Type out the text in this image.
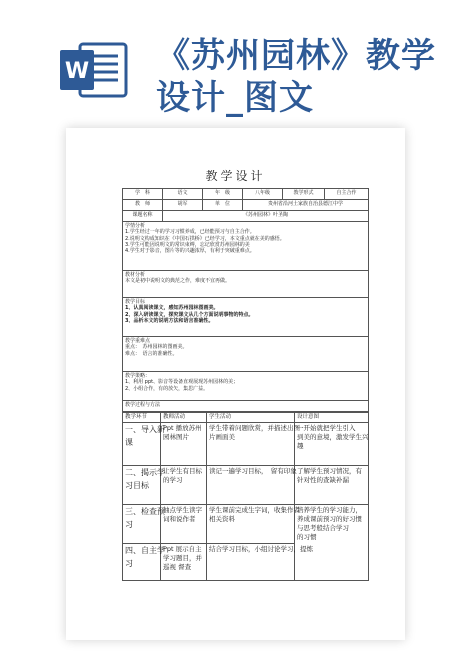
W 《苏州园林》教学
设计_图文
教学设计
学　科	语文	年　级	八年级	教学形式	自主合作
教　师	胡军	单　位	贵州省沿河土家族自治县德江中学		
课题名称	《苏州园林》叶圣陶				

学情分析
1.学生经过一年的学习习惯养成，已经能预习与自主合作。
2.说明文构成知识在《中国石拱桥》已经学习，本文重点就在美的感悟。
3.学生可能因说明文的常识束缚，忘记欣赏苏州园林的美
4.学生对于影音，图片等的兴趣浓厚，有利于突破重难点。					

教材分析
本文是初中说明文的典范之作，难度不宜再做。					

教学目标
1、认真阅读课文，感知苏州园林图画美。
2、深入研读课文，探究课文从几个方面说明事物的特点。
3、品析本文的说明方法和语言准确性。					

教学重难点
重点：　苏州园林的图画美。
难点：　语言的准确性。					

教学策略：
1、利用 ppt、影音等设备直观展现苏州园林的美；
2、小组合作，有的放矢，集思广益。					

教学过程与方法					
教学环节	教师活动	学生活动	设计意图

一、导入新
课	Ppt 播放苏州
园林图片	学生带着问题欣赏，并描述出图
片画面美	一开始就把学生引入
到美的意境，激发学生兴
趣

二、揭示学
习目标	让学生有目标
的学习	读记一遍学习目标，　留有印象	了解学生预习情况，有
针对性的查缺补漏

三、检查预
习	抽点学生读字
词和说作者	学生课前完成生字词，收集作者
相关资料	培养学生的学习能力，
养成课前预习的好习惯
与思考般结合学习
的习惯

四、自主学
习	Ppt 展示自主
学习题目，并
巡视 督查	结合学习目标，小组讨论学习，提炼	
